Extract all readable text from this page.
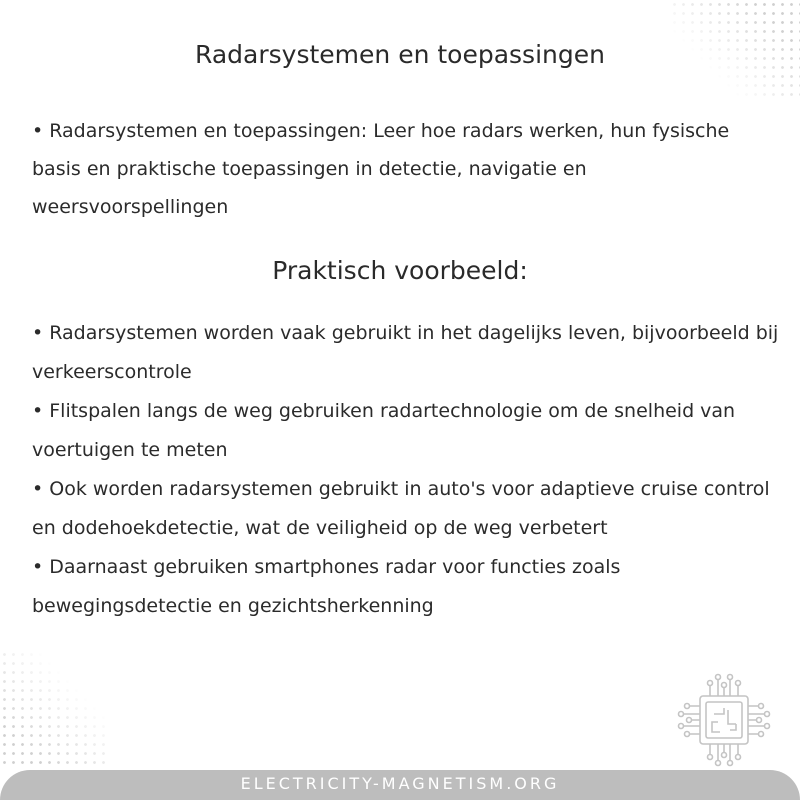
Radarsystemen en toepassingen

• Radarsystemen en toepassingen: Leer hoe radars werken, hun fysische basis en praktische toepassingen in detectie, navigatie en weersvoorspellingen

Praktisch voorbeeld:
• Radarsystemen worden vaak gebruikt in het dagelijks leven, bijvoorbeeld bij verkeerscontrole
• Flitspalen langs de weg gebruiken radartechnologie om de snelheid van voertuigen te meten
• Ook worden radarsystemen gebruikt in auto's voor adaptieve cruise control en dodehoekdetectie, wat de veiligheid op de weg verbetert
• Daarnaast gebruiken smartphones radar voor functies zoals bewegingsdetectie en gezichtsherkenning
ELECTRICITY-MAGNETISM.ORG
